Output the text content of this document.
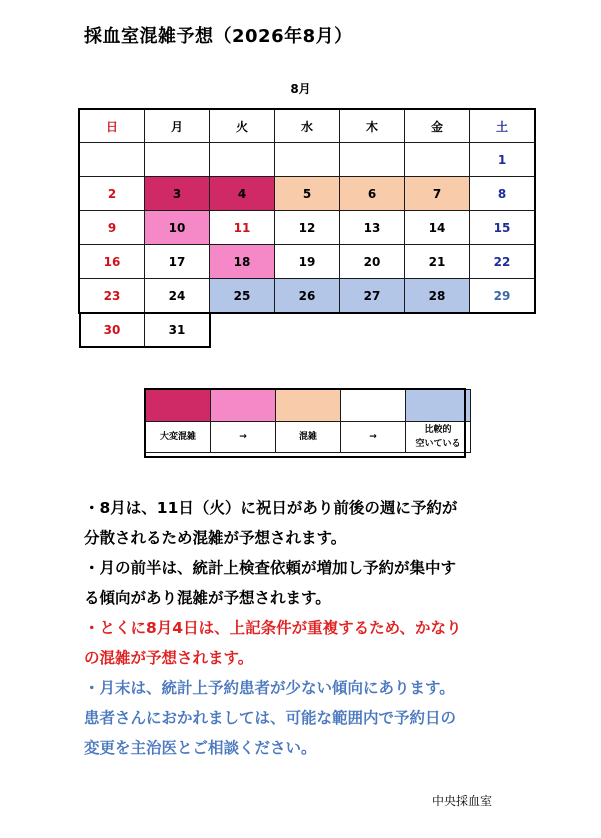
採血室混雑予想（2026年8月）
8月
日	月	火	水	木	金	土
						1
2	3	4	5	6	7	8
9	10	11	12	13	14	15
16	17	18	19	20	21	22
23	24	25	26	27	28	29
30	31					

大変混雑	→	混雑	→	比較的
空いている

・8月は、11日（火）に祝日があり前後の週に予約が
分散されるため混雑が予想されます。

・月の前半は、統計上検査依頼が増加し予約が集中す
る傾向があり混雑が予想されます。

・とくに8月4日は、上記条件が重複するため、かなり
の混雑が予想されます。

・月末は、統計上予約患者が少ない傾向にあります。
患者さんにおかれましては、可能な範囲内で予約日の
変更を主治医とご相談ください。

中央採血室
